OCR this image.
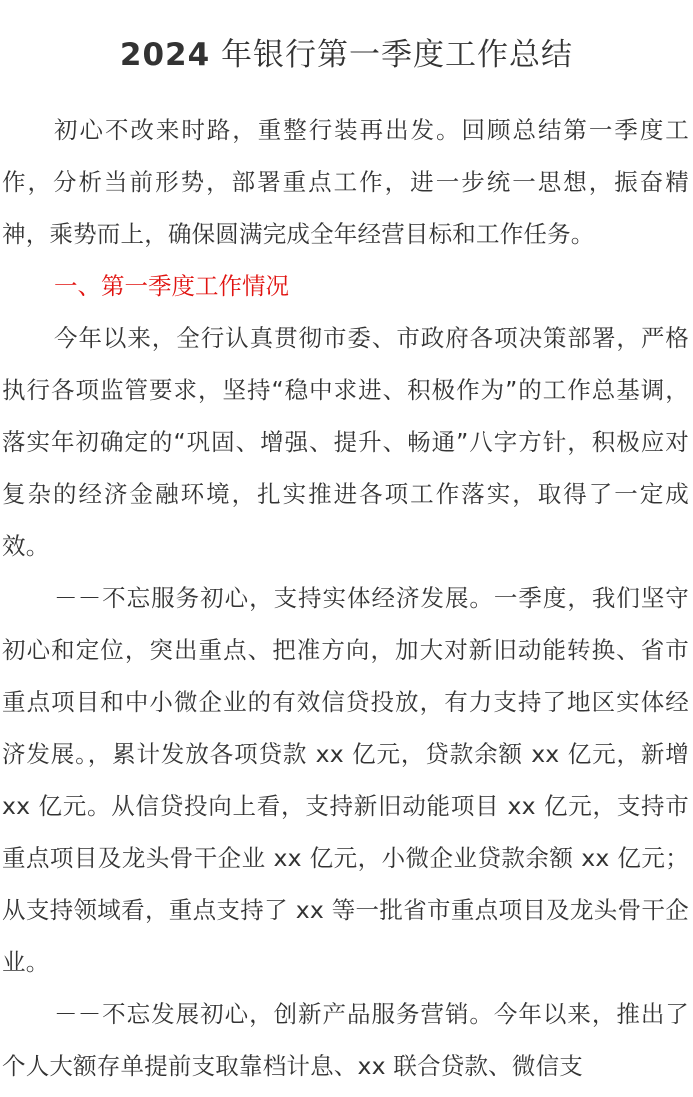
2024 年银行第一季度工作总结

初心不改来时路，重整行装再出发。回顾总结第一季度工作，分析当前形势，部署重点工作，进一步统一思想，振奋精神，乘势而上，确保圆满完成全年经营目标和工作任务。

一、第一季度工作情况

今年以来，全行认真贯彻市委、市政府各项决策部署，严格执行各项监管要求，坚持“稳中求进、积极作为”的工作总基调，落实年初确定的“巩固、增强、提升、畅通”八字方针，积极应对复杂的经济金融环境，扎实推进各项工作落实，取得了一定成效。

－－不忘服务初心，支持实体经济发展。一季度，我们坚守初心和定位，突出重点、把准方向，加大对新旧动能转换、省市重点项目和中小微企业的有效信贷投放，有力支持了地区实体经济发展。，累计发放各项贷款 xx 亿元，贷款余额 xx 亿元，新增 xx 亿元。从信贷投向上看，支持新旧动能项目 xx 亿元，支持市重点项目及龙头骨干企业 xx 亿元，小微企业贷款余额 xx 亿元；从支持领域看，重点支持了 xx 等一批省市重点项目及龙头骨干企业。

－－不忘发展初心，创新产品服务营销。今年以来，推出了个人大额存单提前支取靠档计息、xx 联合贷款、微信支
